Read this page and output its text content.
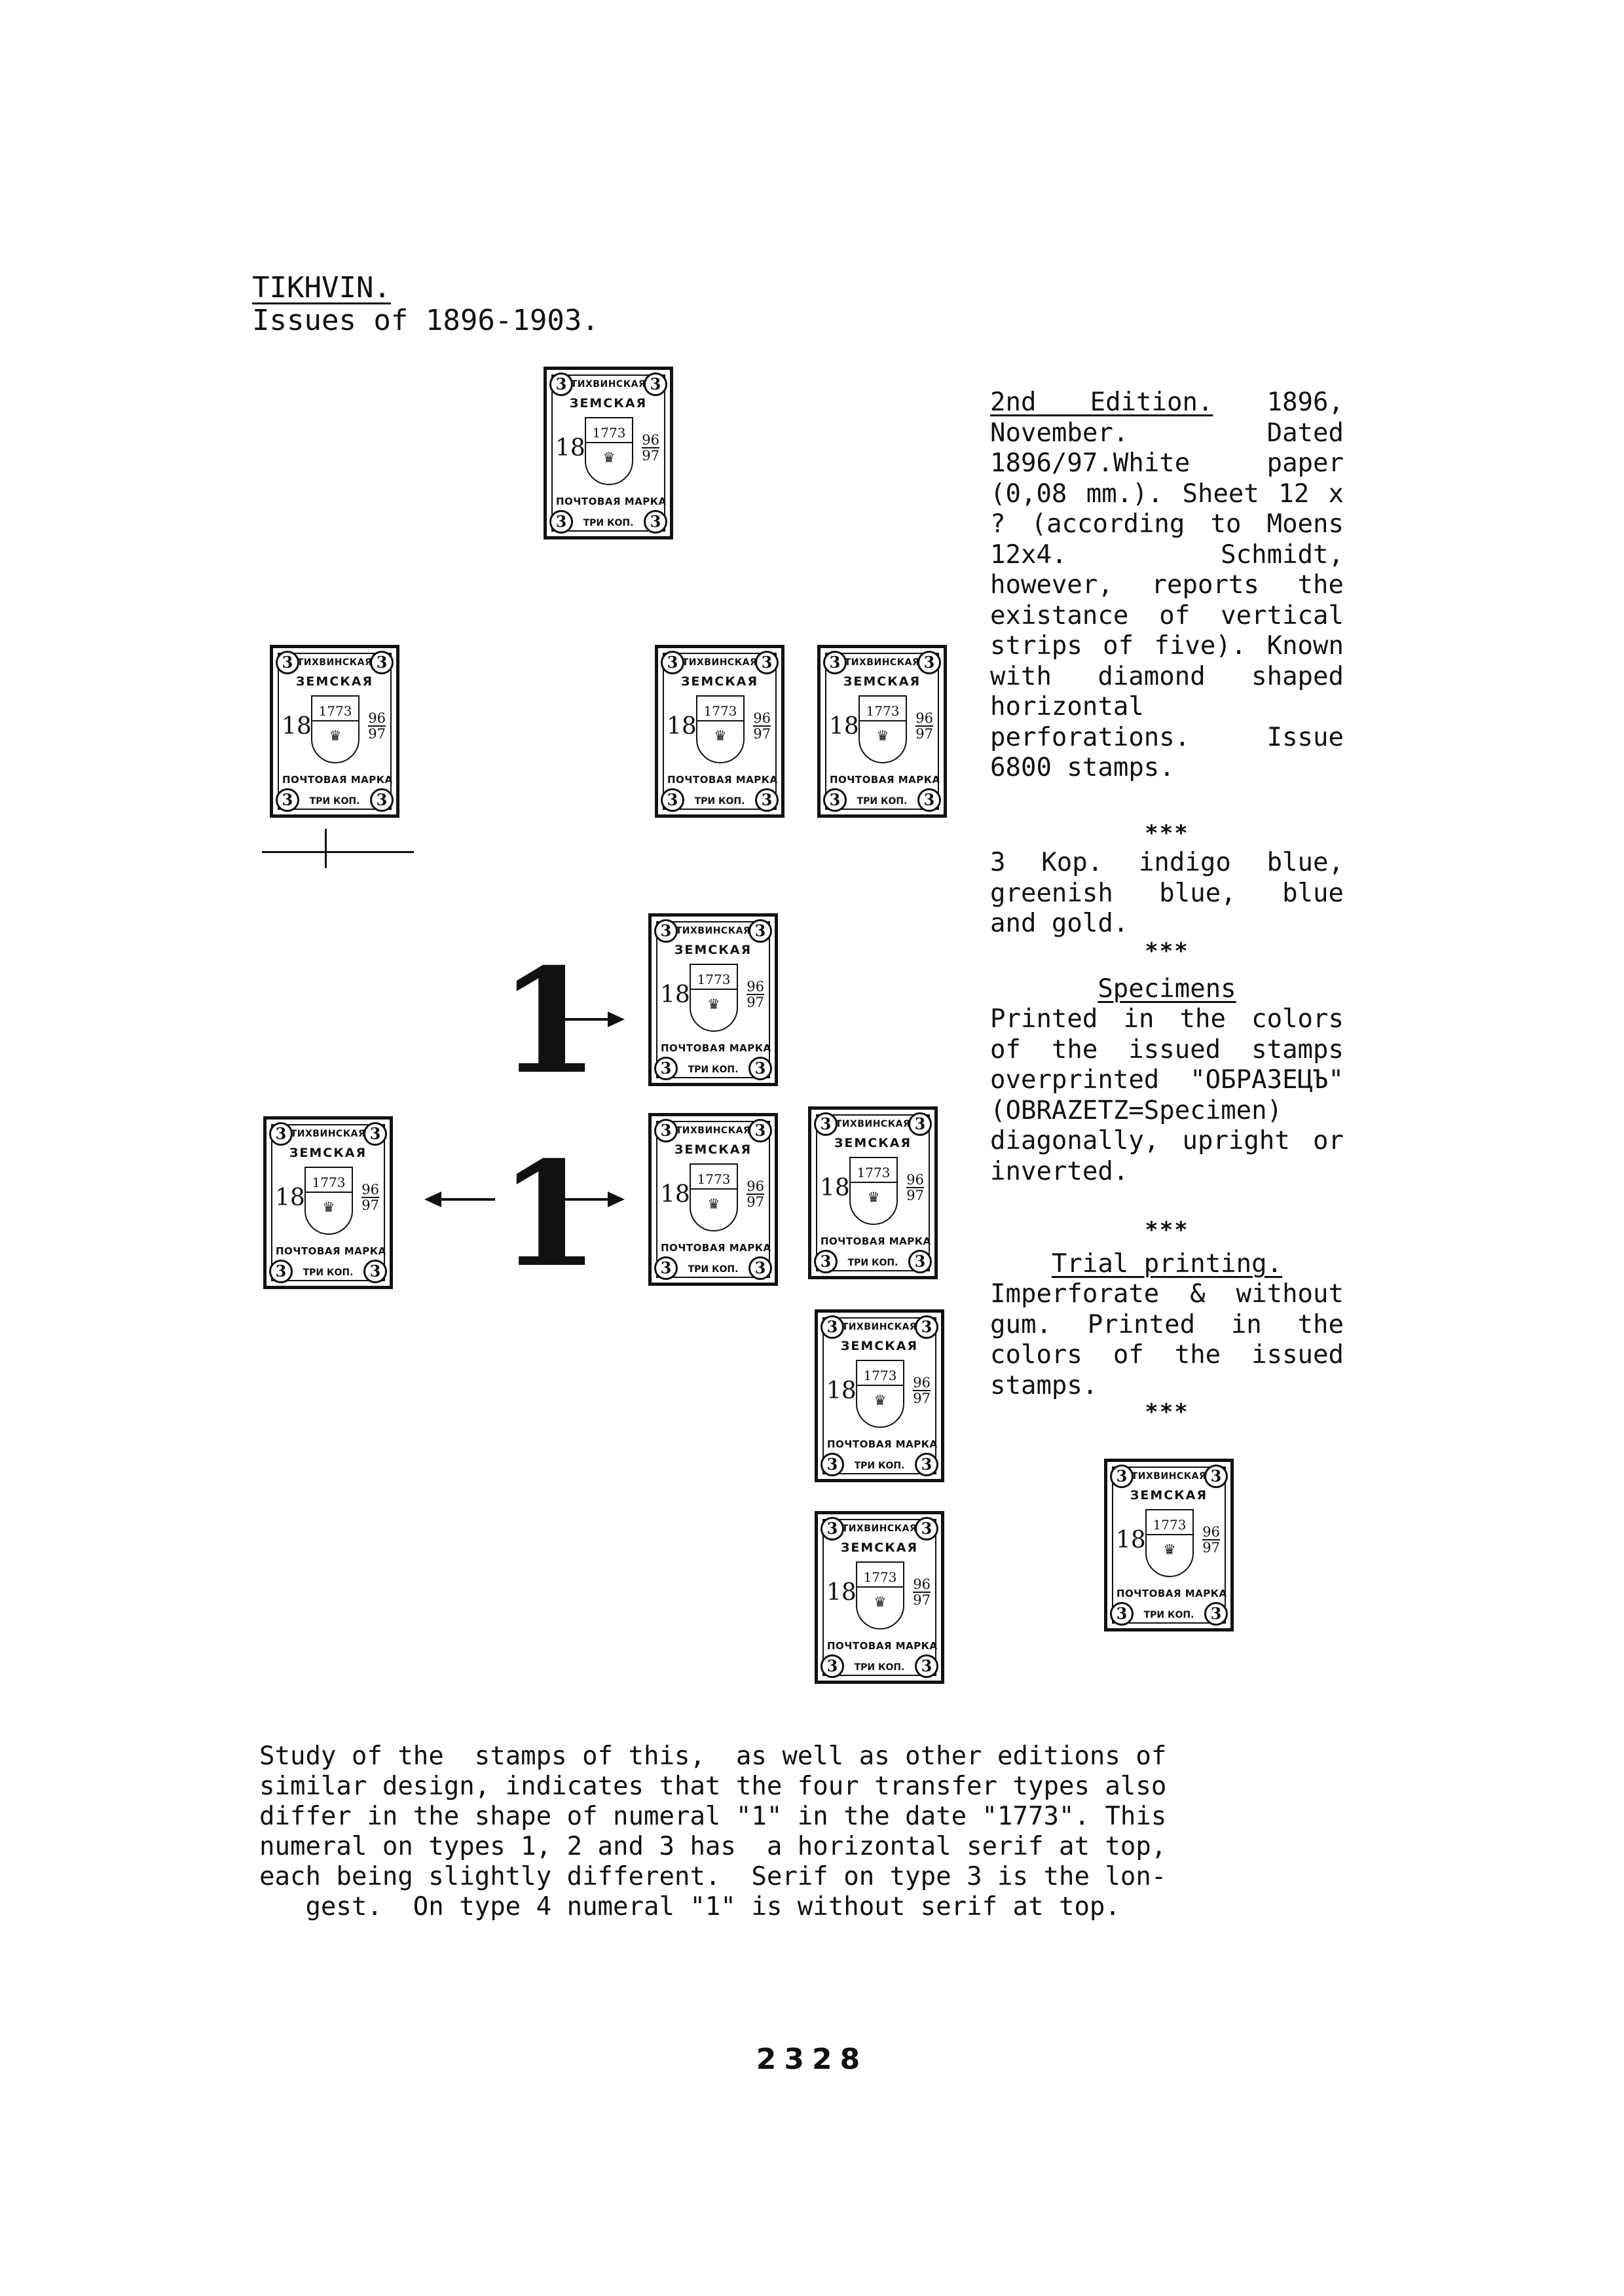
TIKHVIN.
Issues of 1896-1903.
2nd Edition. 1896, November.	Dated 1896/97.White paper (0,08 mm.). Sheet 12 x ? (according to Moens 12x4. Schmidt, however, reports the existance of vertical strips of five). Known with diamond shaped horizontal perforations. Issue 6800 stamps.
***
3 Kop. indigo blue, greenish blue, blue and gold.
***
Specimens
Printed in the colors of the issued stamps overprinted "ОБРАЗЕЦЪ" (OBRAZETZ=Specimen) diagonally, upright or inverted.
***
Trial printing.
Imperforate & without gum. Printed in the colors of the issued stamps.
***
1
1
3	3
3	3
ТИХВИНСКАЯ
ЗЕМСКАЯ
18
1773
♛	$\frac{96}{97}$
ПОЧТОВАЯ МАРКА
ТРИ КОП.
3	3
3	3
ТИХВИНСКАЯ
ЗЕМСКАЯ
18
1773
♛	$\frac{96}{97}$
ПОЧТОВАЯ МАРКА
ТРИ КОП.
3	3
3	3
ТИХВИНСКАЯ
ЗЕМСКАЯ
18
1773
♛	$\frac{96}{97}$
ПОЧТОВАЯ МАРКА
ТРИ КОП.
3	3
3	3
ТИХВИНСКАЯ
ЗЕМСКАЯ
18
1773
♛	$\frac{96}{97}$
ПОЧТОВАЯ МАРКА
ТРИ КОП.
3	3
3	3
ТИХВИНСКАЯ
ЗЕМСКАЯ
18
1773
♛	$\frac{96}{97}$
ПОЧТОВАЯ МАРКА
ТРИ КОП.
3	3
3	3
ТИХВИНСКАЯ
ЗЕМСКАЯ
18
1773
♛	$\frac{96}{97}$
ПОЧТОВАЯ МАРКА
ТРИ КОП.
3	3
3	3
ТИХВИНСКАЯ
ЗЕМСКАЯ
18
1773
♛	$\frac{96}{97}$
ПОЧТОВАЯ МАРКА
ТРИ КОП.
3	3
3	3
ТИХВИНСКАЯ
ЗЕМСКАЯ
18
1773
♛	$\frac{96}{97}$
ПОЧТОВАЯ МАРКА
ТРИ КОП.
3	3
3	3
ТИХВИНСКАЯ
ЗЕМСКАЯ
18
1773
♛	$\frac{96}{97}$
ПОЧТОВАЯ МАРКА
ТРИ КОП.
3	3
3	3
ТИХВИНСКАЯ
ЗЕМСКАЯ
18
1773
♛	$\frac{96}{97}$
ПОЧТОВАЯ МАРКА
ТРИ КОП.
3	3
3	3
ТИХВИНСКАЯ
ЗЕМСКАЯ
18
1773
♛	$\frac{96}{97}$
ПОЧТОВАЯ МАРКА
ТРИ КОП.
Study of the  stamps of this,  as well as other editions of
similar design, indicates that the four transfer types also
differ in the shape of numeral "1" in the date "1773". This
numeral on types 1, 2 and 3 has  a horizontal serif at top,
each being slightly different.  Serif on type 3 is the lon-
gest.  On type 4 numeral "1" is without serif at top.
2328
